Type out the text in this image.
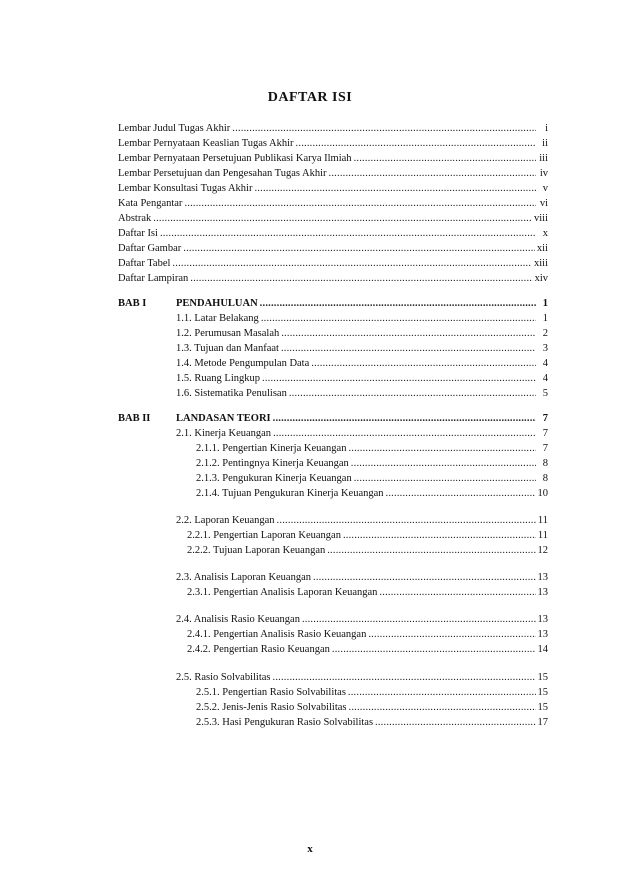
DAFTAR ISI
Lembar Judul Tugas Akhir .....	i
Lembar Pernyataan Keaslian Tugas Akhir .....	ii
Lembar Pernyataan Persetujuan Publikasi Karya Ilmiah .....	iii
Lembar Persetujuan dan Pengesahan Tugas Akhir .....	iv
Lembar Konsultasi Tugas Akhir .....	v
Kata Pengantar .....	vi
Abstrak .....	viii
Daftar Isi .....	x
Daftar Gambar .....	xii
Daftar Tabel .....	xiii
Daftar Lampiran .....	xiv
BAB I	PENDAHULUAN .....	1
1.1. Latar Belakang .....	1
1.2. Perumusan Masalah .....	2
1.3. Tujuan dan Manfaat .....	3
1.4. Metode Pengumpulan Data .....	4
1.5. Ruang Lingkup .....	4
1.6. Sistematika Penulisan .....	5
BAB II LANDASAN TEORI .....	7
2.1. Kinerja Keuangan .....	7
2.1.1. Pengertian Kinerja Keuangan .....	7
2.1.2. Pentingnya Kinerja Keuangan .....	8
2.1.3. Pengukuran Kinerja Keuangan .....	8
2.1.4. Tujuan Pengukuran Kinerja Keuangan .....	10
2.2. Laporan Keuangan .....	11
2.2.1. Pengertian Laporan Keuangan .....	11
2.2.2. Tujuan Laporan Keuangan .....	12
2.3. Analisis Laporan Keuangan .....	13
2.3.1. Pengertian Analisis Laporan Keuangan .....	13
2.4. Analisis Rasio Keuangan .....	13
2.4.1. Pengertian Analisis Rasio Keuangan .....	13
2.4.2. Pengertian Rasio Keuangan .....	14
2.5. Rasio Solvabilitas .....	15
2.5.1. Pengertian Rasio Solvabilitas .....	15
2.5.2. Jenis-Jenis Rasio Solvabilitas .....	15
2.5.3. Hasi Pengukuran Rasio Solvabilitas .....	17
x
